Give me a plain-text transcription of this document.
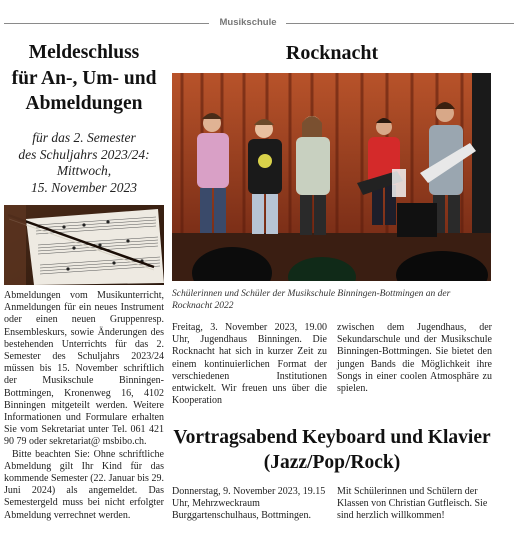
Musikschule
Meldeschluss
für An-, Um- und
Abmeldungen
für das 2. Semester
des Schuljahrs 2023/24:
Mittwoch,
15. November 2023

Abmeldungen vom Musikunterricht, Anmeldungen für ein neues Instrument oder einen neuen Gruppenresp. Ensembleskurs, sowie Änderungen des bestehenden Unterrichts für das 2. Semester des Schuljahrs 2023/24 müssen bis 15. November schriftlich der Musikschule Binningen-Bottmingen, Kronenweg 16, 4102 Binningen mitgeteilt werden. Weitere Informationen und Formulare erhalten Sie vom Sekretariat unter Tel. 061 421 90 79 oder sekretariat@ msbibo.ch.

Bitte beachten Sie: Ohne schriftliche Abmeldung gilt Ihr Kind für das kommende Semester (22. Januar bis 29. Juni 2024) als angemeldet. Das Semestergeld muss bei nicht erfolgter Abmeldung verrechnet werden.

Rocknacht
Schülerinnen und Schüler der Musikschule Binningen-Bottmingen an der Rocknacht 2022
Freitag, 3. November 2023, 19.00 Uhr, Jugendhaus Binningen. Die Rocknacht hat sich in kurzer Zeit zu einem kontinuierlichen Format der verschiedenen Institutionen entwickelt. Wir freuen uns über die Kooperation
zwischen dem Jugendhaus, der Sekundarschule und der Musikschule Binningen-Bottmingen. Sie bietet den jungen Bands die Möglichkeit ihre Songs in einer coolen Atmosphäre zu spielen.
Vortragsabend Keyboard und Klavier
(Jazz/Pop/Rock)
Donnerstag, 9. November 2023, 19.15 Uhr, Mehrzweckraum Burggartenschulhaus, Bottmingen.
Mit Schülerinnen und Schülern der Klassen von Christian Gutfleisch. Sie sind herzlich willkommen!
